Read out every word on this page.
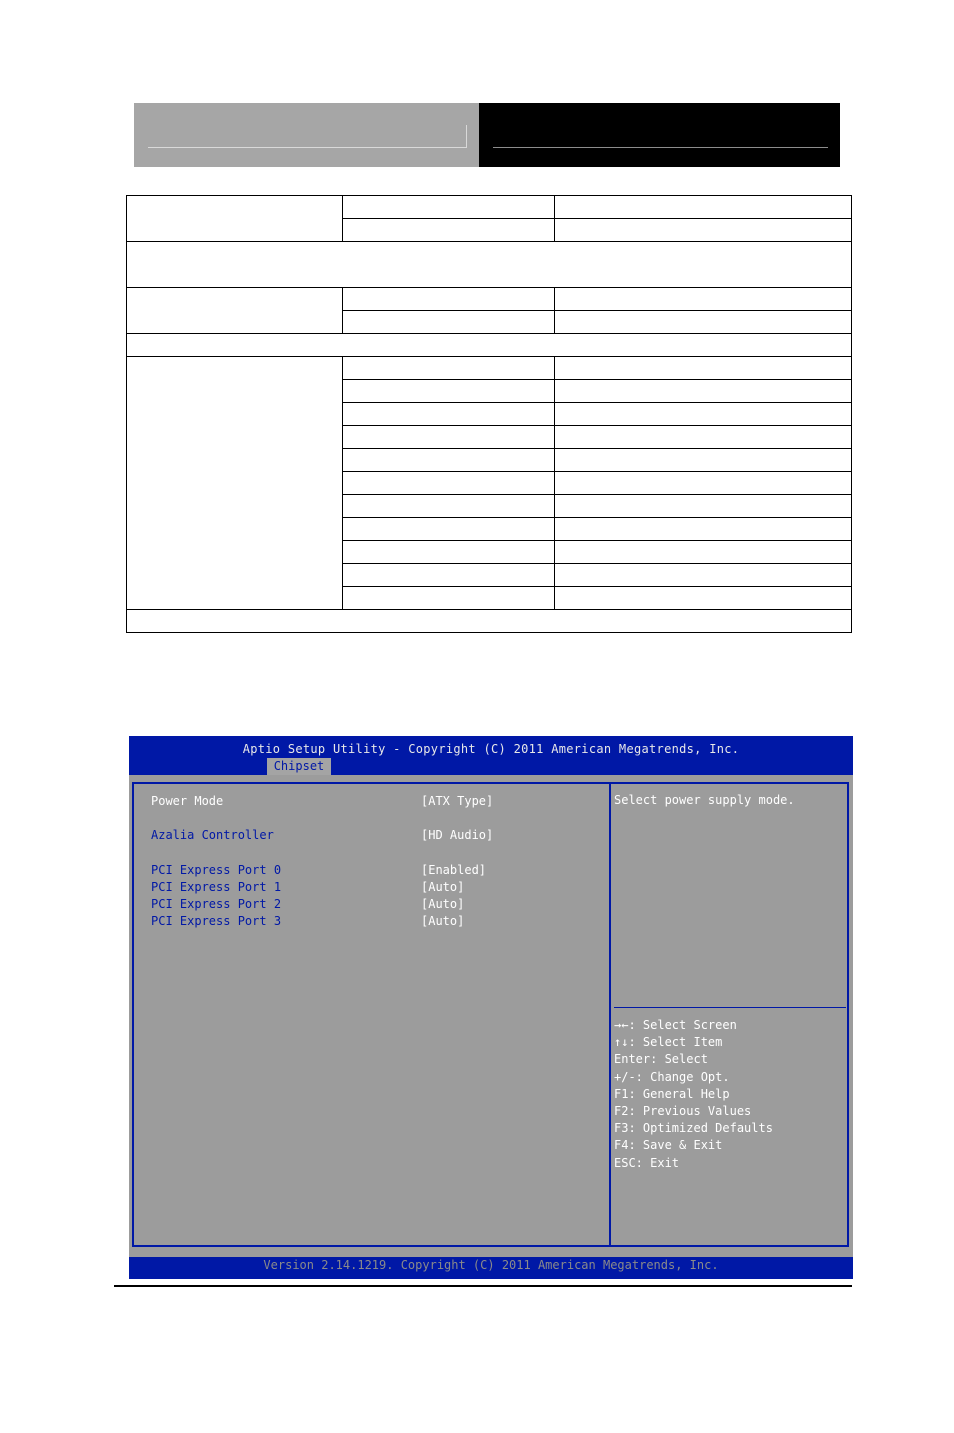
Aptio Setup Utility - Copyright (C) 2011 American Megatrends, Inc.
Chipset
Power Mode	[ATX Type]
Azalia Controller	[HD Audio]
PCI Express Port 0	[Enabled]
PCI Express Port 1	[Auto]
PCI Express Port 2	[Auto]
PCI Express Port 3	[Auto]
Select power supply mode.
→←: Select Screen
↑↓: Select Item
Enter: Select
+/-: Change Opt.
F1: General Help
F2: Previous Values
F3: Optimized Defaults
F4: Save & Exit
ESC: Exit
Version 2.14.1219. Copyright (C) 2011 American Megatrends, Inc.
